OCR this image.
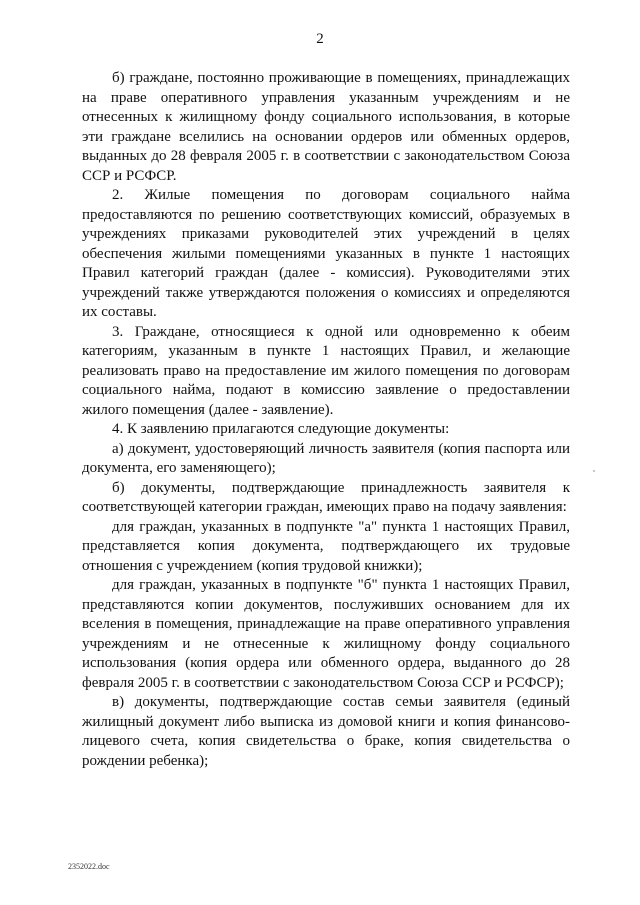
2

б) граждане, постоянно проживающие в помещениях, принадлежащих на праве оперативного управления указанным учреждениям и не отнесенных к жилищному фонду социального использования, в которые эти граждане вселились на основании ордеров или обменных ордеров, выданных до 28 февраля 2005 г. в соответствии с законодательством Союза ССР и РСФСР.

2. Жилые помещения по договорам социального найма предоставляются по решению соответствующих комиссий, образуемых в учреждениях приказами руководителей этих учреждений в целях обеспечения жилыми помещениями указанных в пункте 1 настоящих Правил категорий граждан (далее - комиссия). Руководителями этих учреждений также утверждаются положения о комиссиях и определяются их составы.

3. Граждане, относящиеся к одной или одновременно к обеим категориям, указанным в пункте 1 настоящих Правил, и желающие реализовать право на предоставление им жилого помещения по договорам социального найма, подают в комиссию заявление о предоставлении жилого помещения (далее - заявление).

4. К заявлению прилагаются следующие документы:

а) документ, удостоверяющий личность заявителя (копия паспорта или документа, его заменяющего);

б) документы, подтверждающие принадлежность заявителя к соответствующей категории граждан, имеющих право на подачу заявления:

для граждан, указанных в подпункте "а" пункта 1 настоящих Правил, представляется копия документа, подтверждающего их трудовые отношения с учреждением (копия трудовой книжки);

для граждан, указанных в подпункте "б" пункта 1 настоящих Правил, представляются копии документов, послуживших основанием для их вселения в помещения, принадлежащие на праве оперативного управления учреждениям и не отнесенные к жилищному фонду социального использования (копия ордера или обменного ордера, выданного до 28 февраля 2005 г. в соответствии с законодательством Союза ССР и РСФСР);

в) документы, подтверждающие состав семьи заявителя (единый жилищный документ либо выписка из домовой книги и копия финансово-лицевого счета, копия свидетельства о браке, копия свидетельства о рождении ребенка);

2352022.doc
